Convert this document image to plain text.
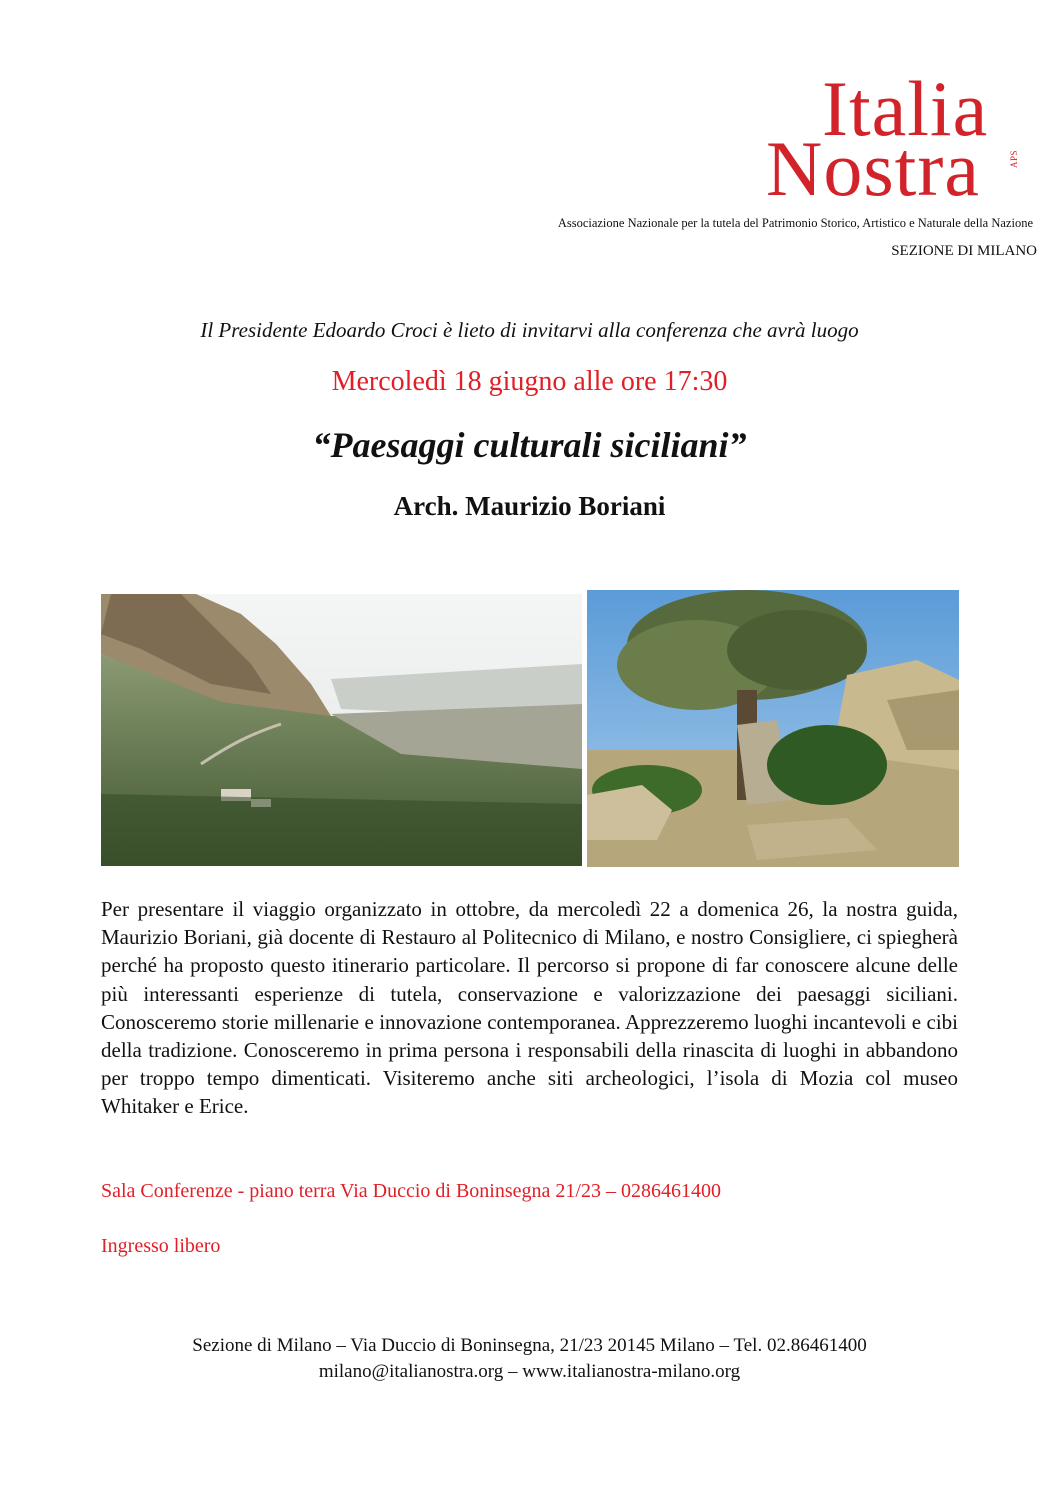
Italia
Nostra	APS
Associazione Nazionale per la tutela del Patrimonio Storico, Artistico e Naturale della Nazione
SEZIONE DI MILANO
Il Presidente Edoardo Croci è lieto di invitarvi alla conferenza che avrà luogo
Mercoledì 18 giugno alle ore 17:30
“Paesaggi culturali siciliani”
Arch. Maurizio Boriani
Per presentare il viaggio organizzato in ottobre, da mercoledì 22 a domenica 26, la nostra guida, Maurizio Boriani, già docente di Restauro al Politecnico di Milano, e nostro Consigliere, ci spiegherà perché ha proposto questo itinerario particolare. Il percorso si propone di far conoscere alcune delle più interessanti esperienze di tutela, conservazione e valorizzazione dei paesaggi siciliani. Conosceremo storie millenarie e innovazione contemporanea. Apprezzeremo luoghi incantevoli e cibi della tradizione. Conosceremo in prima persona i responsabili della rinascita di luoghi in abbandono per troppo tempo dimenticati. Visiteremo anche siti archeologici, l’isola di Mozia col museo Whitaker e Erice.
Sala Conferenze - piano terra Via Duccio di Boninsegna 21/23 – 0286461400
Ingresso libero
Sezione di Milano – Via Duccio di Boninsegna, 21/23 20145 Milano – Tel. 02.86461400
milano@italianostra.org – www.italianostra-milano.org
